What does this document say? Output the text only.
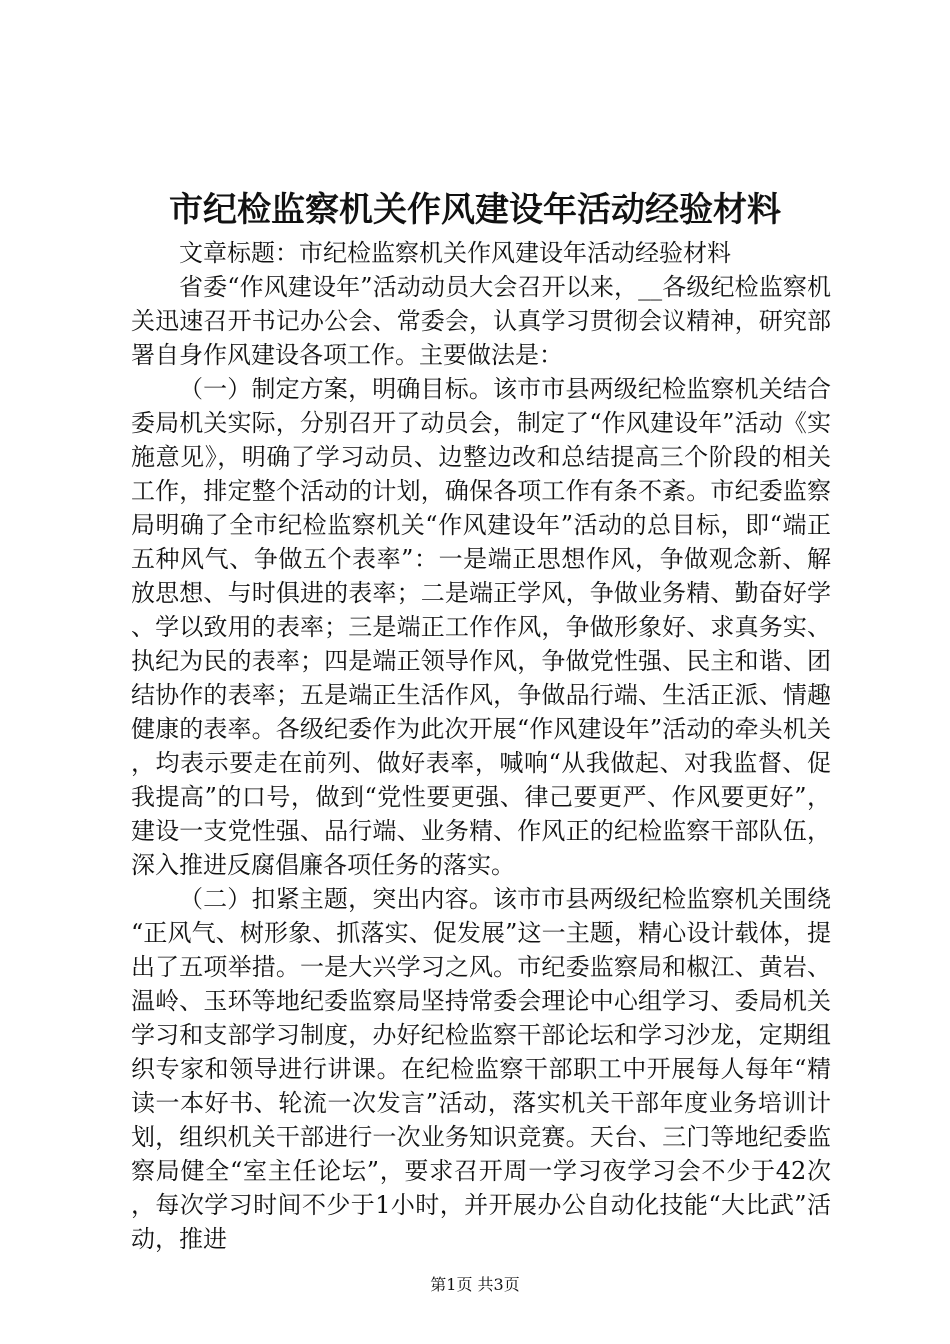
市纪检监察机关作风建设年活动经验材料

文章标题：市纪检监察机关作风建设年活动经验材料

省委“作风建设年”活动动员大会召开以来，__各级纪检监察机关迅速召开书记办公会、常委会，认真学习贯彻会议精神，研究部署自身作风建设各项工作。主要做法是：

（一）制定方案，明确目标。该市市县两级纪检监察机关结合委局机关实际，分别召开了动员会，制定了“作风建设年”活动《实施意见》，明确了学习动员、边整边改和总结提高三个阶段的相关工作，排定整个活动的计划，确保各项工作有条不紊。市纪委监察局明确了全市纪检监察机关“作风建设年”活动的总目标，即“端正五种风气、争做五个表率”：一是端正思想作风，争做观念新、解放思想、与时俱进的表率；二是端正学风，争做业务精、勤奋好学、学以致用的表率；三是端正工作作风，争做形象好、求真务实、执纪为民的表率；四是端正领导作风，争做党性强、民主和谐、团结协作的表率；五是端正生活作风，争做品行端、生活正派、情趣健康的表率。各级纪委作为此次开展“作风建设年”活动的牵头机关，均表示要走在前列、做好表率，喊响“从我做起、对我监督、促我提高”的口号，做到“党性要更强、律己要更严、作风要更好”，建设一支党性强、品行端、业务精、作风正的纪检监察干部队伍，深入推进反腐倡廉各项任务的落实。

（二）扣紧主题，突出内容。该市市县两级纪检监察机关围绕“正风气、树形象、抓落实、促发展”这一主题，精心设计载体，提出了五项举措。一是大兴学习之风。市纪委监察局和椒江、黄岩、温岭、玉环等地纪委监察局坚持常委会理论中心组学习、委局机关学习和支部学习制度，办好纪检监察干部论坛和学习沙龙，定期组织专家和领导进行讲课。在纪检监察干部职工中开展每人每年“精读一本好书、轮流一次发言”活动，落实机关干部年度业务培训计划，组织机关干部进行一次业务知识竞赛。天台、三门等地纪委监察局健全“室主任论坛”，要求召开周一学习夜学习会不少于42次，每次学习时间不少于1小时，并开展办公自动化技能“大比武”活动，推进

第1页 共3页
